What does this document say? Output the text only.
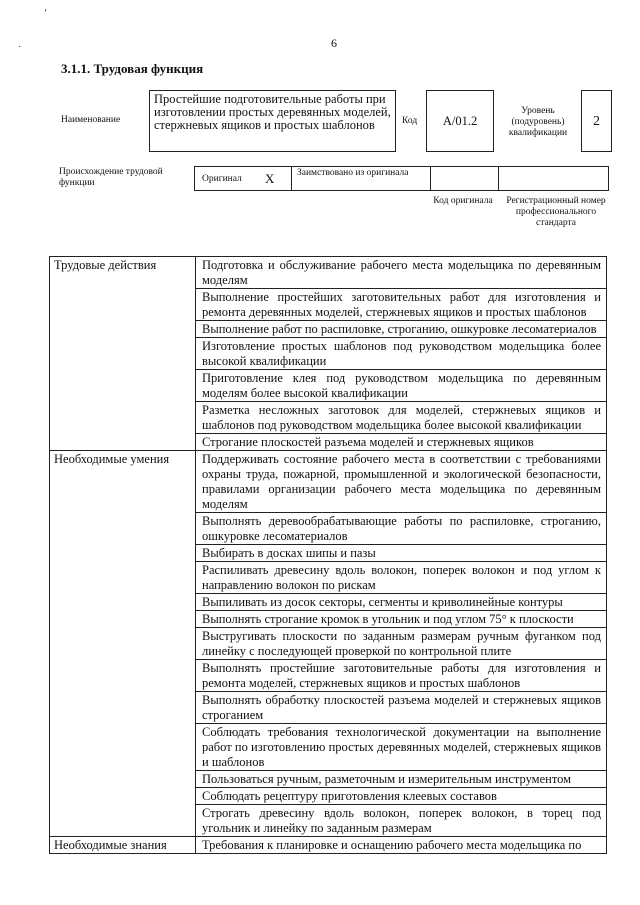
‘
·	6
3.1.1. Трудовая функция
Наименование
Простейшие подготовительные работы при изготовлении простых деревянных моделей, стержневых ящиков и простых шаблонов	Код	A/01.2
Уровень (подуровень) квалификации
2
Происхождение трудовой функции	Оригинал X Заимствовано из оригинала
Код оригинала	Регистрационный номер профессионального стандарта
Трудовые действия	Подготовка и обслуживание рабочего места модельщика по деревянным моделям
	Выполнение простейших заготовительных работ для изготовления и ремонта деревянных моделей, стержневых ящиков и простых шаблонов
	Выполнение работ по распиловке, строганию, ошкуровке лесоматериалов
	Изготовление простых шаблонов под руководством модельщика более высокой квалификации
	Приготовление клея под руководством модельщика по деревянным моделям более высокой квалификации
	Разметка несложных заготовок для моделей, стержневых ящиков и шаблонов под руководством модельщика более высокой квалификации
	Строгание плоскостей разъема моделей и стержневых ящиков
Необходимые умения	Поддерживать состояние рабочего места в соответствии с требованиями охраны труда, пожарной, промышленной и экологической безопасности, правилами организации рабочего места модельщика по деревянным моделям
	Выполнять деревообрабатывающие работы по распиловке, строганию, ошкуровке лесоматериалов
	Выбирать в досках шипы и пазы
	Распиливать древесину вдоль волокон, поперек волокон и под углом к направлению волокон по рискам
	Выпиливать из досок секторы, сегменты и криволинейные контуры
	Выполнять строгание кромок в угольник и под углом 75° к плоскости
	Выстругивать плоскости по заданным размерам ручным фуганком под линейку с последующей проверкой по контрольной плите
	Выполнять простейшие заготовительные работы для изготовления и ремонта моделей, стержневых ящиков и простых шаблонов
	Выполнять обработку плоскостей разъема моделей и стержневых ящиков строганием
	Соблюдать требования технологической документации на выполнение работ по изготовлению простых деревянных моделей, стержневых ящиков и шаблонов
	Пользоваться ручным, разметочным и измерительным инструментом
	Соблюдать рецептуру приготовления клеевых составов
	Строгать древесину вдоль волокон, поперек волокон, в торец под угольник и линейку по заданным размерам
Необходимые знания	Требования к планировке и оснащению рабочего места модельщика по
